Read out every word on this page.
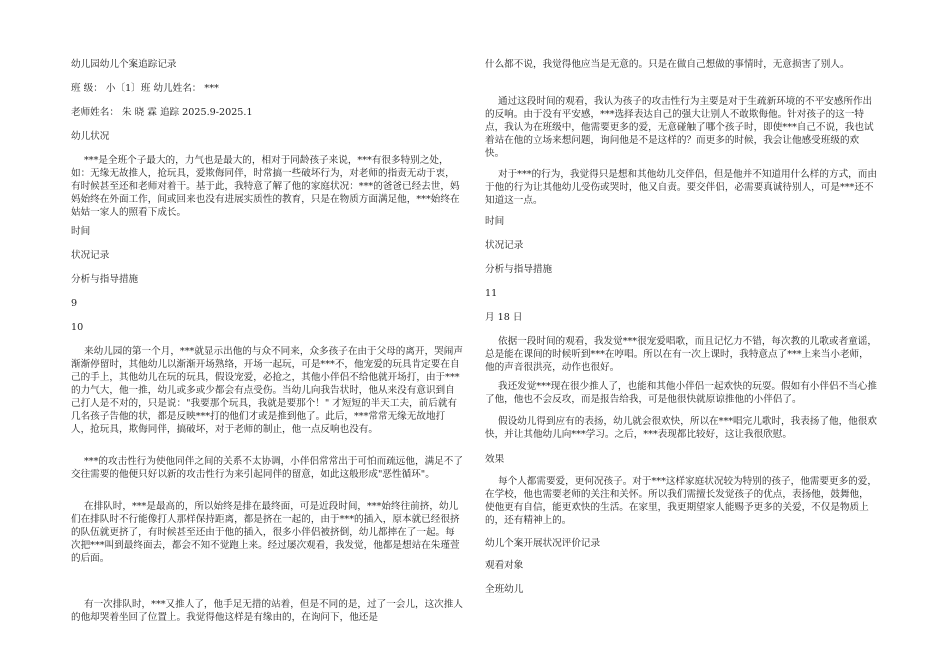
幼儿园幼儿个案追踪记录

班 级： 小〔1〕班 幼儿姓名： ***

老师姓名： 朱 晓 霖 追踪 2025.9-2025.1

幼儿状况

***是全班个子最大的，力气也是最大的，相对于同龄孩子来说，***有很多特别之处，如：无缘无故推人，抢玩具，爱欺侮同伴，时常搞一些破坏行为，对老师的指责无动于衷，有时候甚至还和老师对着干。基于此，我特意了解了他的家庭状况：***的爸爸已经去世，妈妈始终在外面工作，间或回来也没有进展实质性的教育，只是在物质方面满足他，***始终在姑姑一家人的照看下成长。

时间

状况记录

分析与指导措施

9

10

来幼儿园的第一个月，***就显示出他的与众不同来，众多孩子在由于父母的离开，哭闹声渐渐停留时，其他幼儿以渐渐开场熟络，开场一起玩，可是***不，他宠爱的玩具肯定要在自己的手上，其他幼儿在玩的玩具，假设宠爱，必抢之，其他小伴侣不给他就开场打，由于***的力气大，他一推，幼儿或多或少都会有点受伤。当幼儿向我告状时，他从来没有意识到自己打人是不对的，只是说："我要那个玩具，我就是要那个！" 才短短的半天工夫，前后就有几名孩子告他的状，都是反映***打的他们才或是推到他了。此后，***常常无缘无故地打人，抢玩具，欺侮同伴，搞破坏，对于老师的制止，他一点反响也没有。

***的攻击性行为使他同伴之间的关系不太协调，小伴侣常常出于可怕而疏远他，满足不了交往需要的他便只好以新的攻击性行为来引起同伴的留意，如此这般形成"恶性循环"。

在排队时，***是最高的，所以始终是排在最终面，可是近段时间，***始终往前挤，幼儿们在排队时不行能像打人那样保持距离，都是挤在一起的，由于***的插入，原本就已经很挤的队伍就更挤了，有时候甚至还由于他的插入，很多小伴侣被挤倒，幼儿都摔在了一起。每次把***叫到最终面去，都会不知不觉跑上来。经过屡次观看，我发觉，他都是想站在朱瑾萱的后面。

有一次排队时，***又推人了，他手足无措的站着，但是不同的是，过了一会儿，这次推人的他却哭着坐回了位置上。我觉得他这样是有缘由的，在询问下，他还是

什么都不说，我觉得他应当是无意的。只是在做自己想做的事情时，无意损害了别人。

通过这段时间的观看，我认为孩子的攻击性行为主要是对于生疏新环境的不平安感所作出的反响。由于没有平安感，***选择表达自己的强大让别人不敢欺侮他。针对孩子的这一特点，我认为在班级中，他需要更多的爱，无意碰触了哪个孩子时，即使***自己不说，我也试着站在他的立场来想问题，询问他是不是这样的？而更多的时候，我会让他感受班级的欢快。

对于***的行为，我觉得只是想和其他幼儿交伴侣，但是他并不知道用什么样的方式，而由于他的行为让其他幼儿受伤或哭时，他又自责。要交伴侣，必需要真诚待别人，可是***还不知道这一点。

时间

状况记录

分析与指导措施

11

月 18 日

依据一段时间的观看，我发觉***很宠爱唱歌，而且记忆力不错，每次教的儿歌或者童谣，总是能在课间的时候听到***在哼唱。所以在有一次上课时，我特意点了***上来当小老师，他的声音很洪亮，动作也很好。

我还发觉***现在很少推人了，也能和其他小伴侣一起欢快的玩耍。假如有小伴侣不当心推了他，他也不会反攻，而是报告给我，可是他很快就原谅推他的小伴侣了。

假设幼儿得到应有的表扬，幼儿就会很欢快，所以在***唱完儿歌时，我表扬了他，他很欢快，并让其他幼儿向***学习。之后，***表现都比较好，这让我很欣慰。

效果

每个人都需要爱，更何况孩子。对于***这样家庭状况较为特别的孩子，他需要更多的爱，在学校，他也需要老师的关注和关怀。所以我们需擅长发觉孩子的优点，表扬他，鼓舞他，使他更有自信，能更欢快的生活。在家里，我更期望家人能赐予更多的关爱，不仅是物质上的，还有精神上的。

幼儿个案开展状况评价记录

观看对象

全班幼儿
